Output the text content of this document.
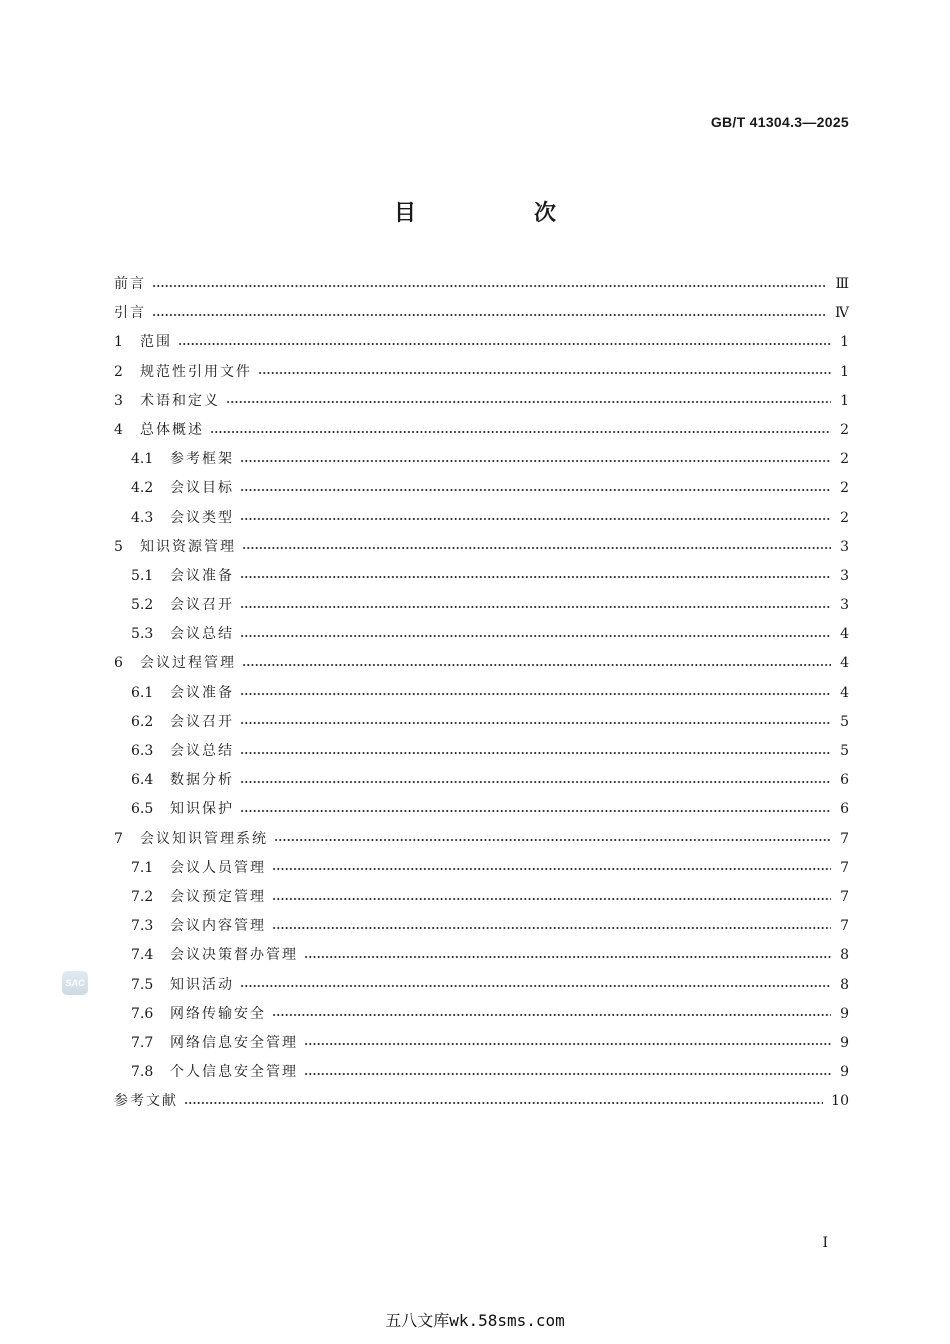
GB/T 41304.3—2025
目　次
前言	Ⅲ
引言	Ⅳ
1	范围	1
2	规范性引用文件	1
3	术语和定义	1
4	总体概述	2
4.1	参考框架	2
4.2	会议目标	2
4.3	会议类型	2
5	知识资源管理	3
5.1	会议准备	3
5.2	会议召开	3
5.3	会议总结	4
6	会议过程管理	4
6.1	会议准备	4
6.2	会议召开	5
6.3	会议总结	5
6.4	数据分析	6
6.5	知识保护	6
7	会议知识管理系统	7
7.1	会议人员管理	7
7.2	会议预定管理	7
7.3	会议内容管理	7
7.4	会议决策督办管理	8
7.5	知识活动	8
7.6	网络传输安全	9
7.7	网络信息安全管理	9
7.8	个人信息安全管理	9
参考文献	10
SAC
Ⅰ
五八文库wk.58sms.com
